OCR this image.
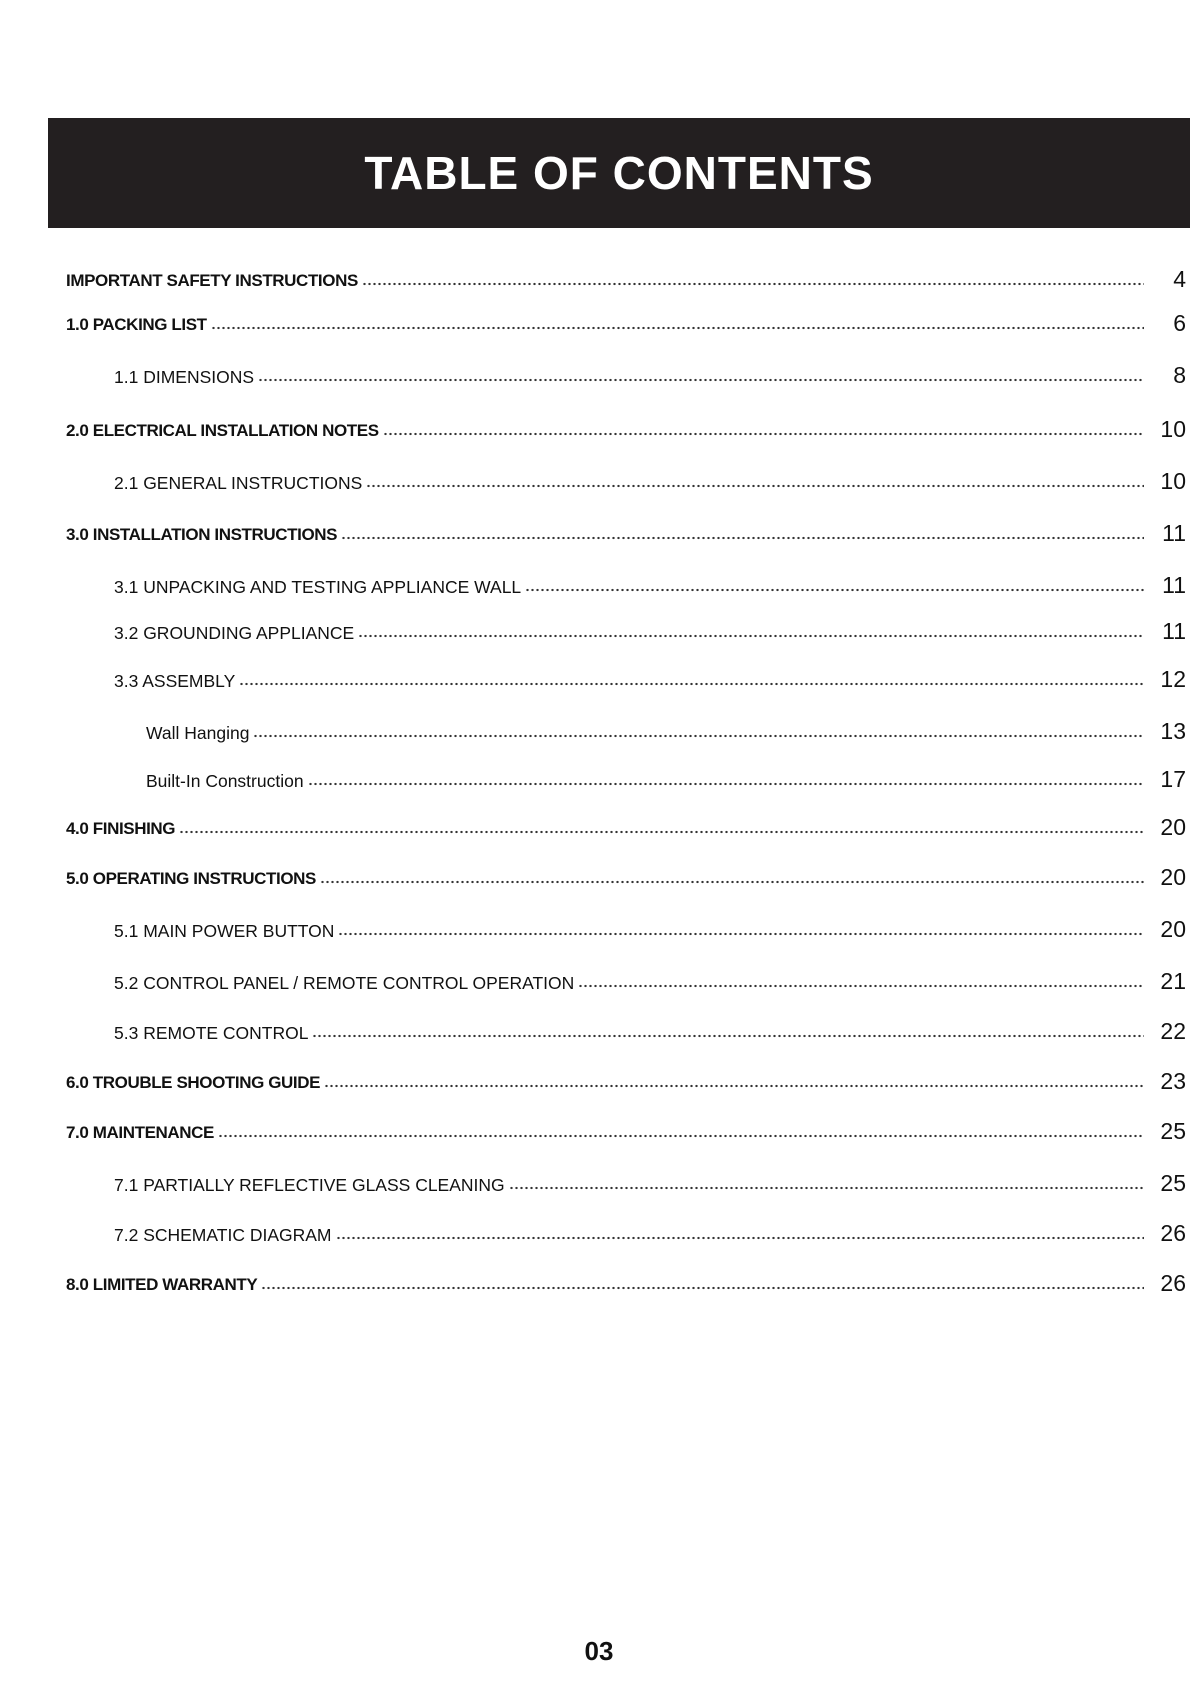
TABLE OF CONTENTS
IMPORTANT SAFETY INSTRUCTIONS	4
1.0 PACKING LIST	6
1.1 DIMENSIONS	8
2.0 ELECTRICAL INSTALLATION NOTES	10
2.1 GENERAL INSTRUCTIONS	10
3.0 INSTALLATION INSTRUCTIONS	11
3.1 UNPACKING AND TESTING APPLIANCE WALL	11
3.2 GROUNDING APPLIANCE	11
3.3 ASSEMBLY	12
Wall Hanging	13
Built-In Construction	17
4.0 FINISHING	20
5.0 OPERATING INSTRUCTIONS	20
5.1 MAIN POWER BUTTON	20
5.2 CONTROL PANEL / REMOTE CONTROL OPERATION	21
5.3 REMOTE CONTROL	22
6.0 TROUBLE SHOOTING GUIDE	23
7.0 MAINTENANCE	25
7.1 PARTIALLY REFLECTIVE GLASS CLEANING	25
7.2 SCHEMATIC DIAGRAM	26
8.0 LIMITED WARRANTY	26
03
